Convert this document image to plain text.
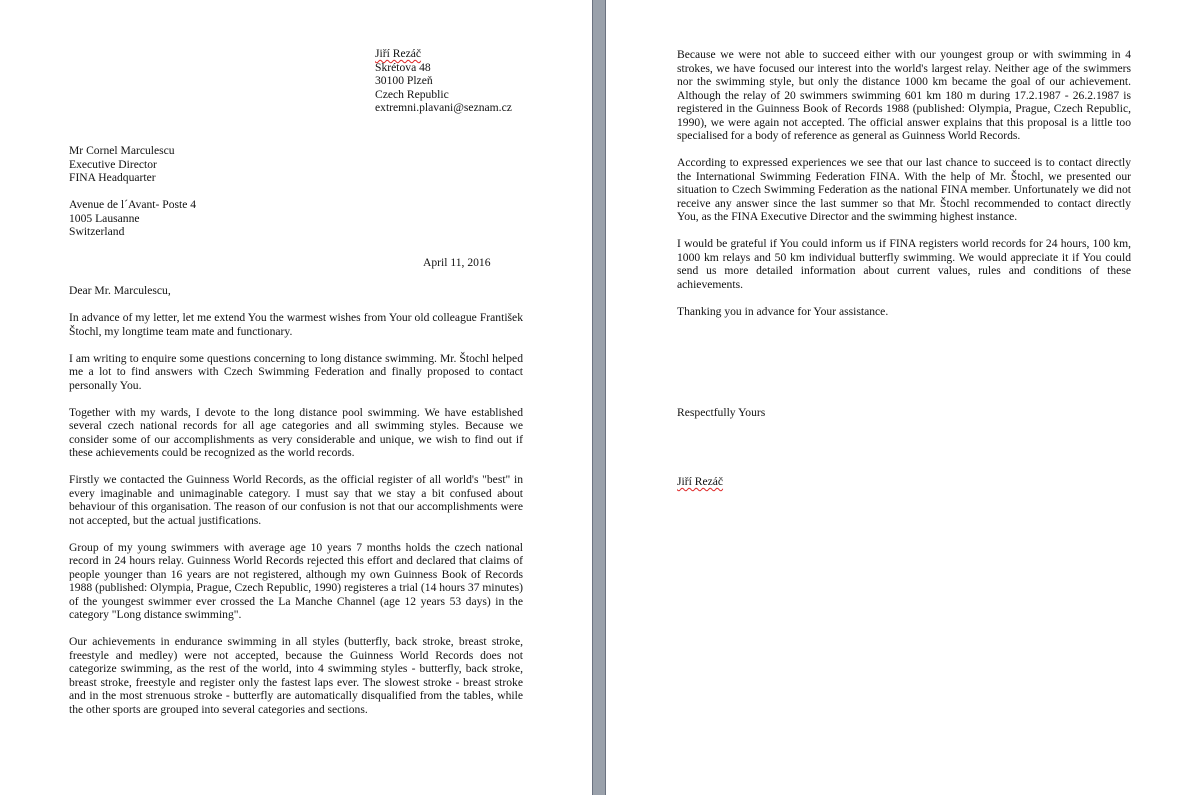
Jiří Rezáč
Skrétova 48
30100 Plzeň
Czech Republic
extremni.plavani@seznam.cz
Mr Cornel Marculescu
Executive Director
FINA Headquarter
Avenue de l´Avant- Poste 4
1005 Lausanne
Switzerland
April 11, 2016
Dear Mr. Marculescu,

In advance of my letter, let me extend You the warmest wishes from Your old colleague František Štochl, my longtime team mate and functionary.

I am writing to enquire some questions concerning to long distance swimming. Mr. Štochl helped me a lot to find answers with Czech Swimming Federation and finally proposed to contact personally You.

Together with my wards, I devote to the long distance pool swimming. We have established several czech national records for all age categories and all swimming styles. Because we consider some of our accomplishments as very considerable and unique, we wish to find out if these achievements could be recognized as the world records.

Firstly we contacted the Guinness World Records, as the official register of all world's "best" in every imaginable and unimaginable category. I must say that we stay a bit confused about behaviour of this organisation. The reason of our confusion is not that our accomplishments were not accepted, but the actual justifications.

Group of my young swimmers with average age 10 years 7 months holds the czech national record in 24 hours relay. Guinness World Records rejected this effort and declared that claims of people younger than 16 years are not registered, although my own Guinness Book of Records 1988 (published: Olympia, Prague, Czech Republic, 1990) registeres a trial (14 hours 37 minutes) of the youngest swimmer ever crossed the La Manche Channel (age 12 years 53 days) in the category "Long distance swimming".

Our achievements in endurance swimming in all styles (butterfly, back stroke, breast stroke, freestyle and medley) were not accepted, because the Guinness World Records does not categorize swimming, as the rest of the world, into 4 swimming styles - butterfly, back stroke, breast stroke, freestyle and register only the fastest laps ever. The slowest stroke - breast stroke and in the most strenuous stroke - butterfly are automatically disqualified from the tables, while the other sports are grouped into several categories and sections.

Because we were not able to succeed either with our youngest group or with swimming in 4 strokes, we have focused our interest into the world's largest relay. Neither age of the swimmers nor the swimming style, but only the distance 1000 km became the goal of our achievement. Although the relay of 20 swimmers swimming 601 km 180 m during 17.2.1987 - 26.2.1987 is registered in the Guinness Book of Records 1988 (published: Olympia, Prague, Czech Republic, 1990), we were again not accepted. The official answer explains that this proposal is a little too specialised for a body of reference as general as Guinness World Records.

According to expressed experiences we see that our last chance to succeed is to contact directly the International Swimming Federation FINA. With the help of Mr. Štochl, we presented our situation to Czech Swimming Federation as the national FINA member. Unfortunately we did not receive any answer since the last summer so that Mr. Štochl recommended to contact directly You, as the FINA Executive Director and the swimming highest instance.

I would be grateful if You could inform us if FINA registers world records for 24 hours, 100 km, 1000 km relays and 50 km individual butterfly swimming. We would appreciate it if You could send us more detailed information about current values, rules and conditions of these achievements.

Thanking you in advance for Your assistance.

Respectfully Yours
Jiří Rezáč
